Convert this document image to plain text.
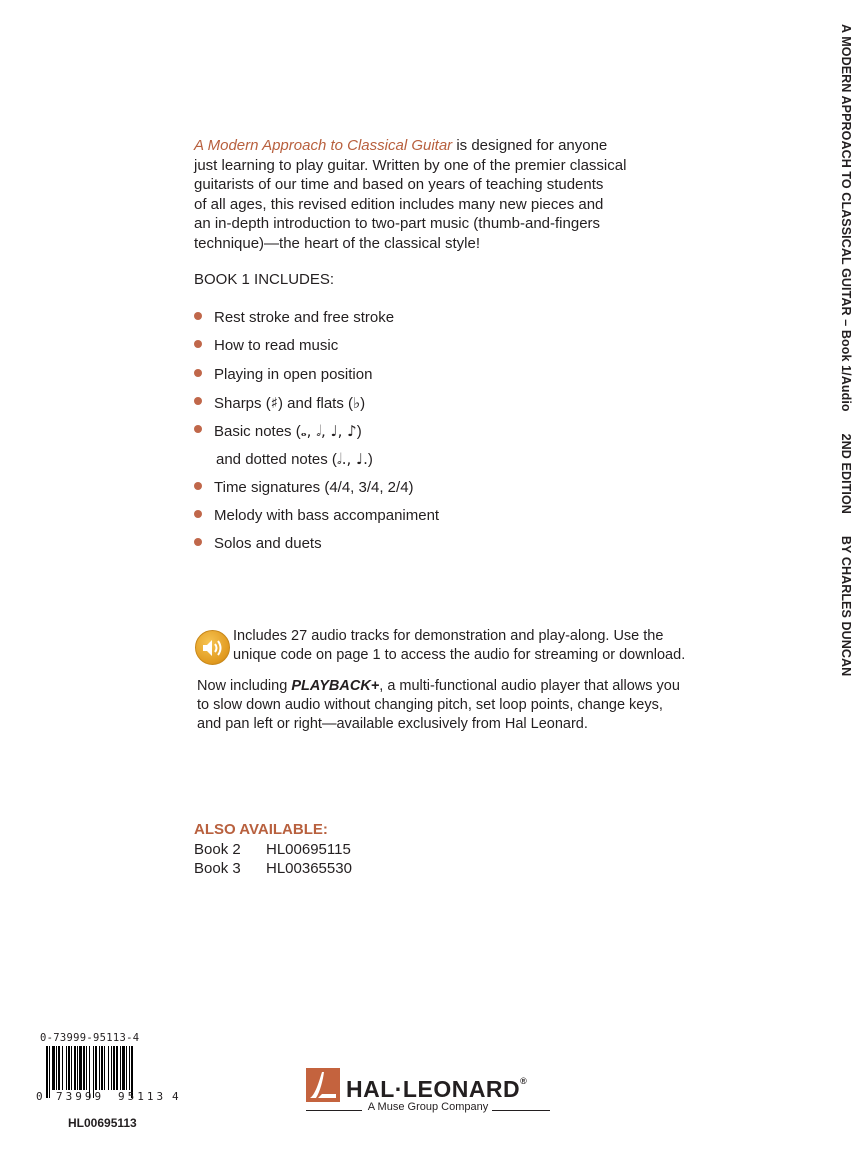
A Modern Approach to Classical Guitar is designed for anyone
just learning to play guitar. Written by one of the premier classical
guitarists of our time and based on years of teaching students
of all ages, this revised edition includes many new pieces and
an in-depth introduction to two-part music (thumb-and-fingers
technique)—the heart of the classical style!
BOOK 1 INCLUDES:
Rest stroke and free stroke
How to read music
Playing in open position
Sharps (♯) and flats (♭)
Basic notes (𝅝, 𝅗𝅥, ♩, ♪)
and dotted notes (𝅗𝅥., ♩.)
Time signatures (4/4, 3/4, 2/4)
Melody with bass accompaniment
Solos and duets
Includes 27 audio tracks for demonstration and play-along. Use the
unique code on page 1 to access the audio for streaming or download.
Now including PLAYBACK+, a multi-functional audio player that allows you
to slow down audio without changing pitch, set loop points, change keys,
and pan left or right—available exclusively from Hal Leonard.
ALSO AVAILABLE:
Book 2 HL00695115
Book 3 HL00365530
A MODERN APPROACH TO CLASSICAL GUITAR – Book 1/Audio2ND EDITIONBY CHARLES DUNCAN
0-73999-95113-4
0 73999 95113 4
HL00695113
HAL·LEONARD®
A Muse Group Company
